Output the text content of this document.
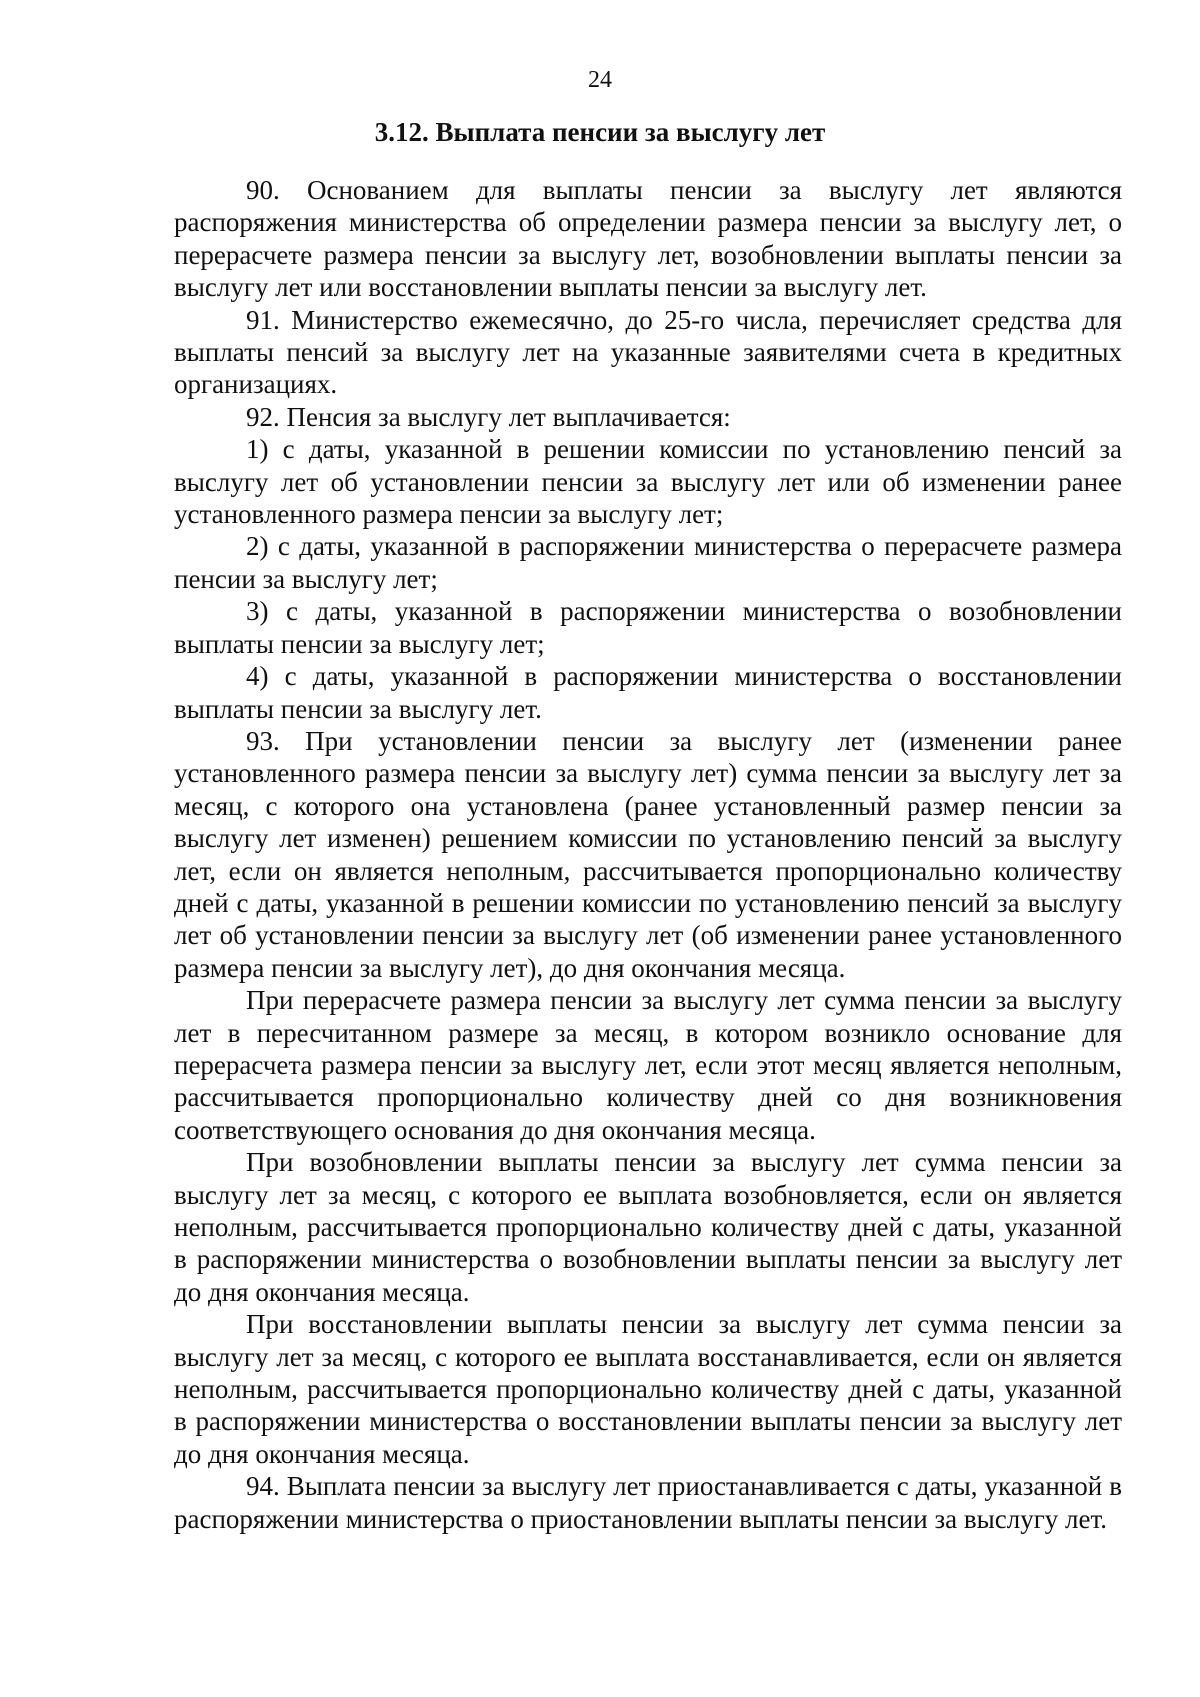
24
3.12. Выплата пенсии за выслугу лет

90. Основанием для выплаты пенсии за выслугу лет являются распоряжения министерства об определении размера пенсии за выслугу лет, о перерасчете размера пенсии за выслугу лет, возобновлении выплаты пенсии за выслугу лет или восстановлении выплаты пенсии за выслугу лет.

91. Министерство ежемесячно, до 25-го числа, перечисляет средства для выплаты пенсий за выслугу лет на указанные заявителями счета в кредитных организациях.

92. Пенсия за выслугу лет выплачивается:

1) с даты, указанной в решении комиссии по установлению пенсий за выслугу лет об установлении пенсии за выслугу лет или об изменении ранее установленного размера пенсии за выслугу лет;

2) с даты, указанной в распоряжении министерства о перерасчете размера пенсии за выслугу лет;

3) с даты, указанной в распоряжении министерства о возобновлении выплаты пенсии за выслугу лет;

4) с даты, указанной в распоряжении министерства о восстановлении выплаты пенсии за выслугу лет.

93. При установлении пенсии за выслугу лет (изменении ранее установленного размера пенсии за выслугу лет) сумма пенсии за выслугу лет за месяц, с которого она установлена (ранее установленный размер пенсии за выслугу лет изменен) решением комиссии по установлению пенсий за выслугу лет, если он является неполным, рассчитывается пропорционально количеству дней с даты, указанной в решении комиссии по установлению пенсий за выслугу лет об установлении пенсии за выслугу лет (об изменении ранее установленного размера пенсии за выслугу лет), до дня окончания месяца.

При перерасчете размера пенсии за выслугу лет сумма пенсии за выслугу лет в пересчитанном размере за месяц, в котором возникло основание для перерасчета размера пенсии за выслугу лет, если этот месяц является неполным, рассчитывается пропорционально количеству дней со дня возникновения соответствующего основания до дня окончания месяца.

При возобновлении выплаты пенсии за выслугу лет сумма пенсии за выслугу лет за месяц, с которого ее выплата возобновляется, если он является неполным, рассчитывается пропорционально количеству дней с даты, указанной в распоряжении министерства о возобновлении выплаты пенсии за выслугу лет до дня окончания месяца.

При восстановлении выплаты пенсии за выслугу лет сумма пенсии за выслугу лет за месяц, с которого ее выплата восстанавливается, если он является неполным, рассчитывается пропорционально количеству дней с даты, указанной в распоряжении министерства о восстановлении выплаты пенсии за выслугу лет до дня окончания месяца.

94. Выплата пенсии за выслугу лет приостанавливается с даты, указанной в распоряжении министерства о приостановлении выплаты пенсии за выслугу лет.
